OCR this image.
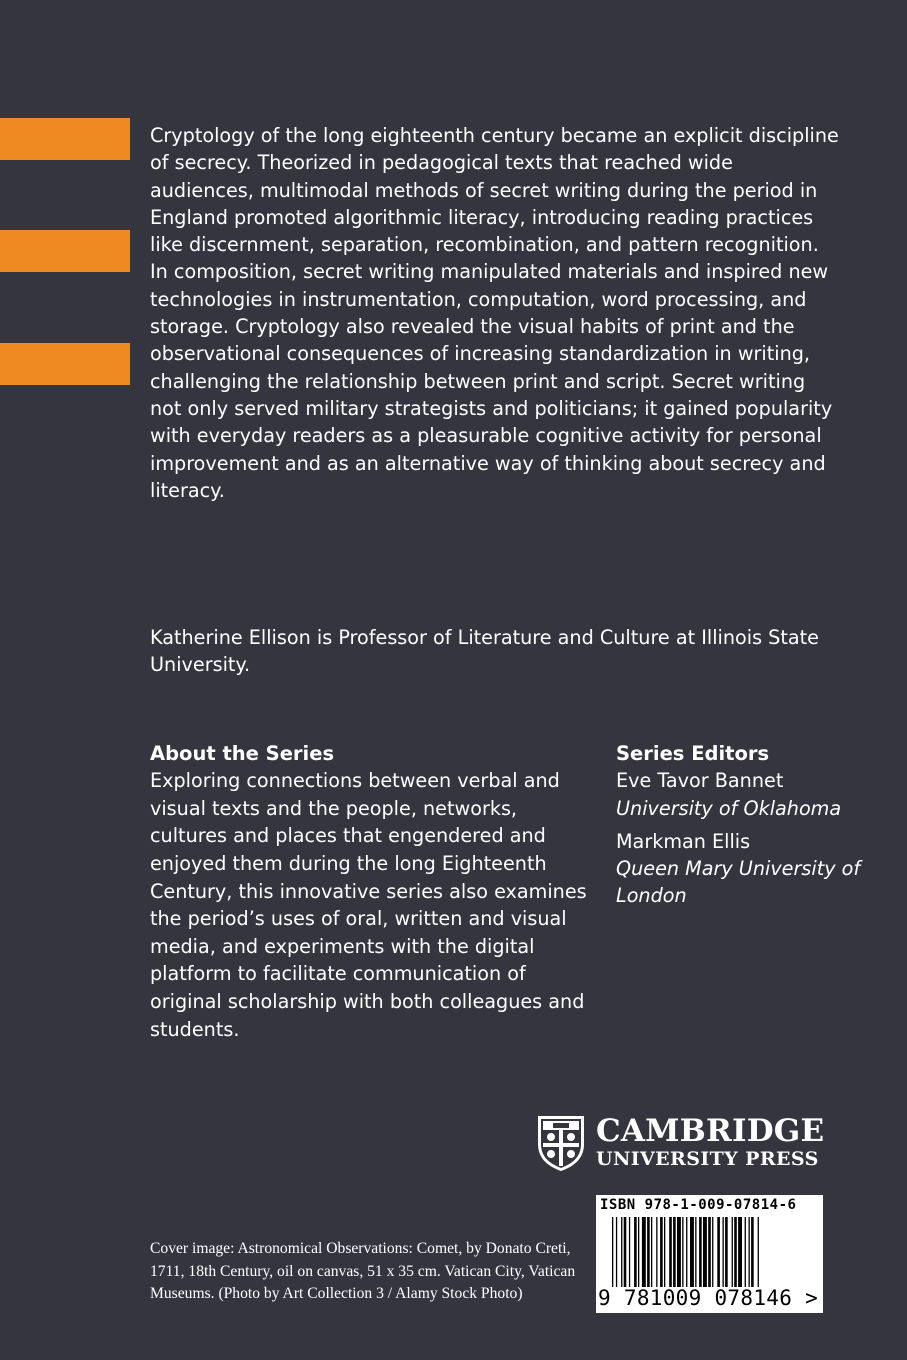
Cryptology of the long eighteenth century became an explicit discipline of secrecy. Theorized in pedagogical texts that reached wide audiences, multimodal methods of secret writing during the period in England promoted algorithmic literacy, introducing reading practices like discernment, separation, recombination, and pattern recognition. In composition, secret writing manipulated materials and inspired new technologies in instrumentation, computation, word processing, and storage. Cryptology also revealed the visual habits of print and the observational consequences of increasing standardization in writing, challenging the relationship between print and script. Secret writing not only served military strategists and politicians; it gained popularity with everyday readers as a pleasurable cognitive activity for personal improvement and as an alternative way of thinking about secrecy and literacy.

Katherine Ellison is Professor of Literature and Culture at Illinois State University.

About the Series

Exploring connections between verbal and visual texts and the people, networks, cultures and places that engendered and enjoyed them during the long Eighteenth Century, this innovative series also examines the period’s uses of oral, written and visual media, and experiments with the digital platform to facilitate communication of original scholarship with both colleagues and students.

Series Editors
Eve Tavor Bannet
University of Oklahoma
Markman Ellis
Queen Mary University of London
CAMBRIDGE
UNIVERSITY PRESS

Cover image: Astronomical Observations: Comet, by Donato Creti, 1711, 18th Century, oil on canvas, 51 x 35 cm. Vatican City, Vatican Museums. (Photo by Art Collection 3 / Alamy Stock Photo)

ISBN 978-1-009-07814-6
9 781009 078146 >
